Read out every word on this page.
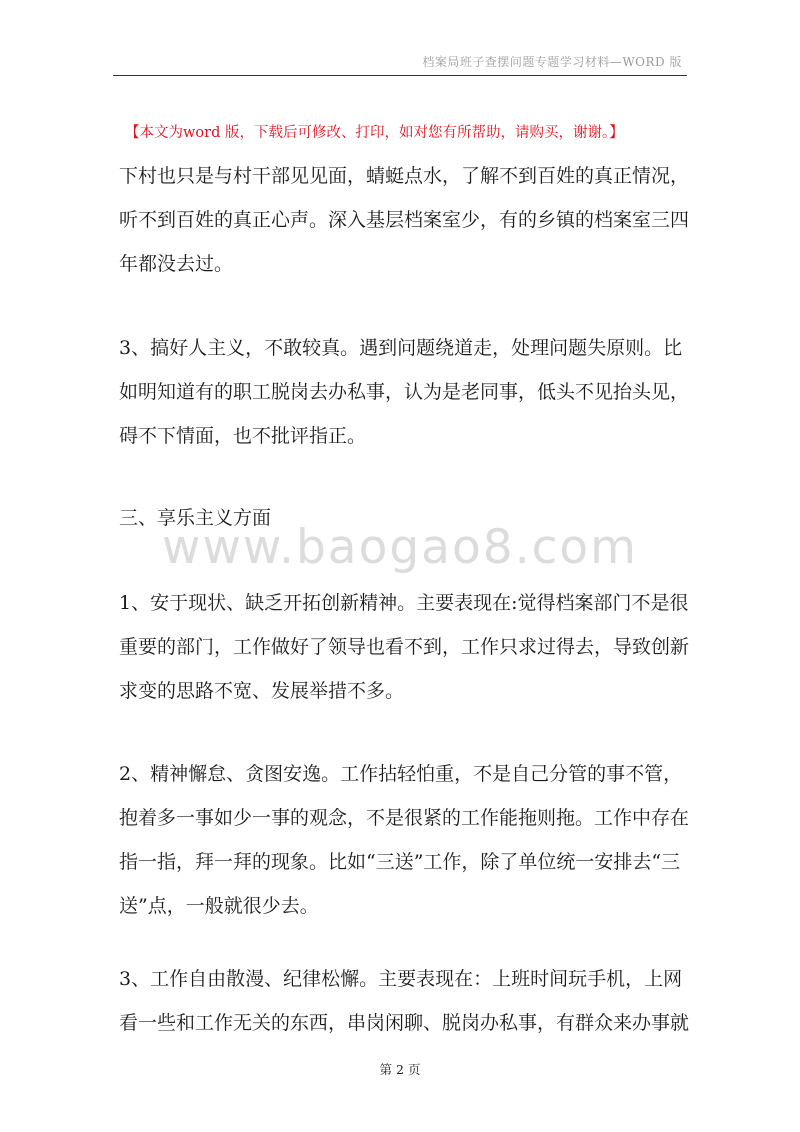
档案局班子查摆问题专题学习材料—WORD 版
【本文为word 版，下载后可修改、打印，如对您有所帮助，请购买，谢谢。】
www.baogao8.com

下村也只是与村干部见见面，蜻蜓点水，了解不到百姓的真正情况，
听不到百姓的真正心声。深入基层档案室少，有的乡镇的档案室三四
年都没去过。

3、搞好人主义，不敢较真。遇到问题绕道走，处理问题失原则。比
如明知道有的职工脱岗去办私事，认为是老同事，低头不见抬头见，
碍不下情面，也不批评指正。

三、享乐主义方面

1、安于现状、缺乏开拓创新精神。主要表现在:觉得档案部门不是很
重要的部门，工作做好了领导也看不到，工作只求过得去，导致创新
求变的思路不宽、发展举措不多。

2、精神懈怠、贪图安逸。工作拈轻怕重，不是自己分管的事不管，
抱着多一事如少一事的观念，不是很紧的工作能拖则拖。工作中存在
指一指，拜一拜的现象。比如“三送”工作，除了单位统一安排去“三
送”点，一般就很少去。

3、工作自由散漫、纪律松懈。主要表现在：上班时间玩手机，上网
看一些和工作无关的东西，串岗闲聊、脱岗办私事，有群众来办事就

第 2 页
